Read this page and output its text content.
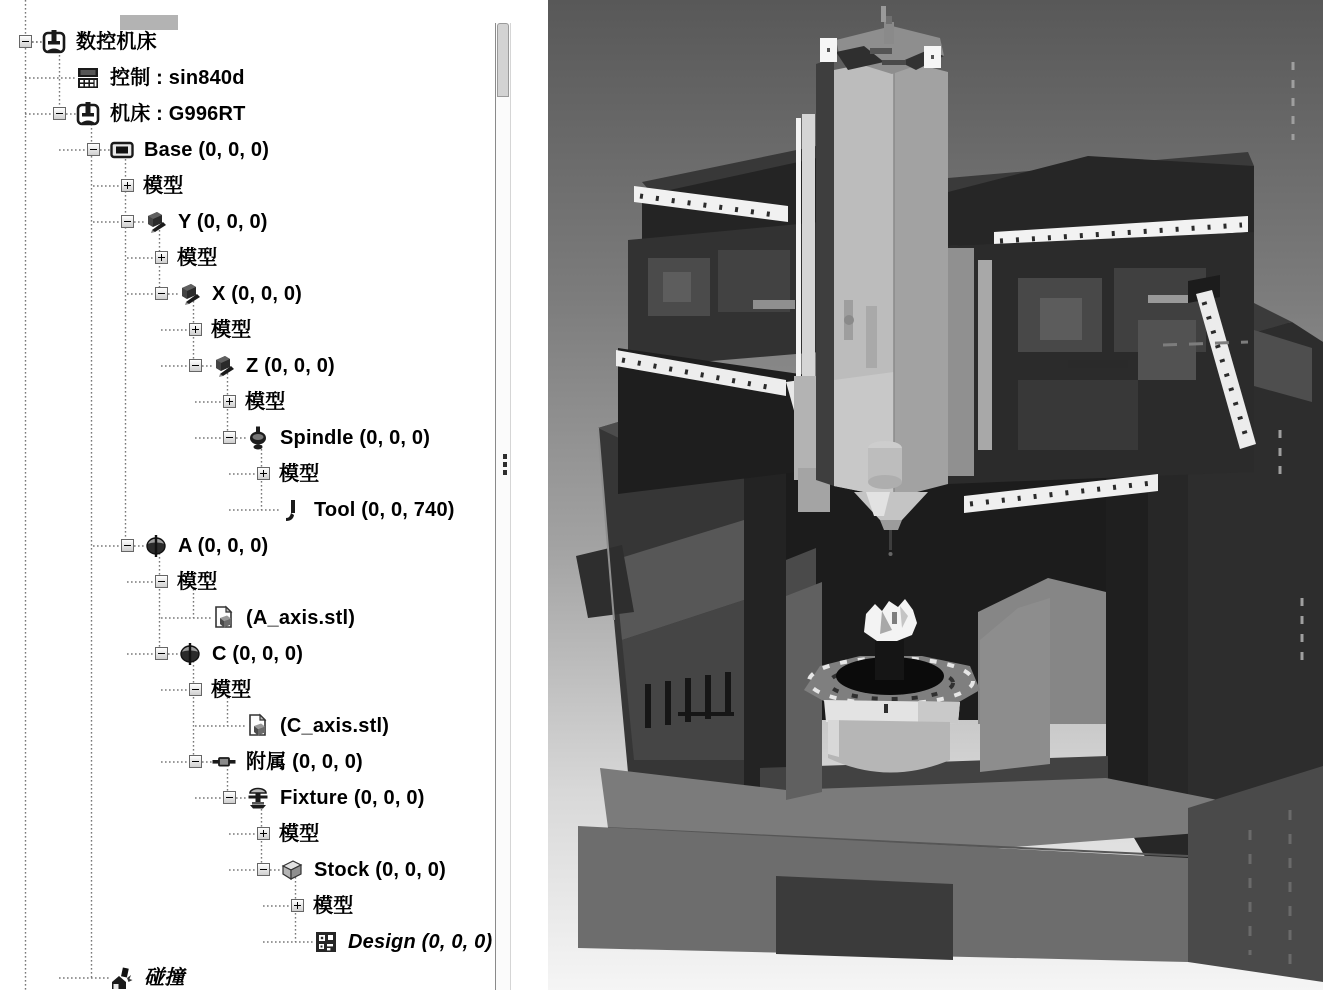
数控机床
控制 : sin840d
机床 : G996RT
Base (0, 0, 0)
模型
Y (0, 0, 0)
模型
X (0, 0, 0)
模型
Z (0, 0, 0)
模型
Spindle (0, 0, 0)
模型
Tool (0, 0, 740)
A (0, 0, 0)
模型
(A_axis.stl)
C (0, 0, 0)
模型
(C_axis.stl)
附属 (0, 0, 0)
Fixture (0, 0, 0)
模型
Stock (0, 0, 0)
模型
Design (0, 0, 0)
碰撞
